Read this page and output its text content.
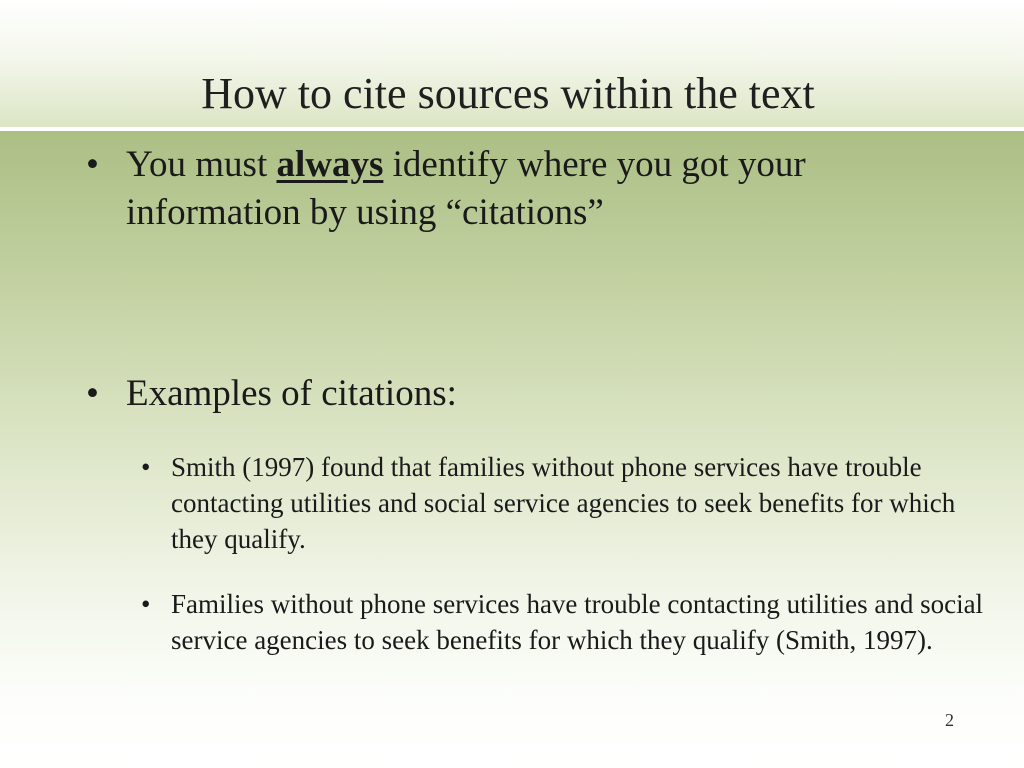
How to cite sources within the text
• You must always identify where you got your information by using “citations”
• Examples of citations:
• Smith (1997) found that families without phone services have trouble contacting utilities and social service agencies to seek benefits for which they qualify.
• Families without phone services have trouble contacting utilities and social service agencies to seek benefits for which they qualify (Smith, 1997).
2
